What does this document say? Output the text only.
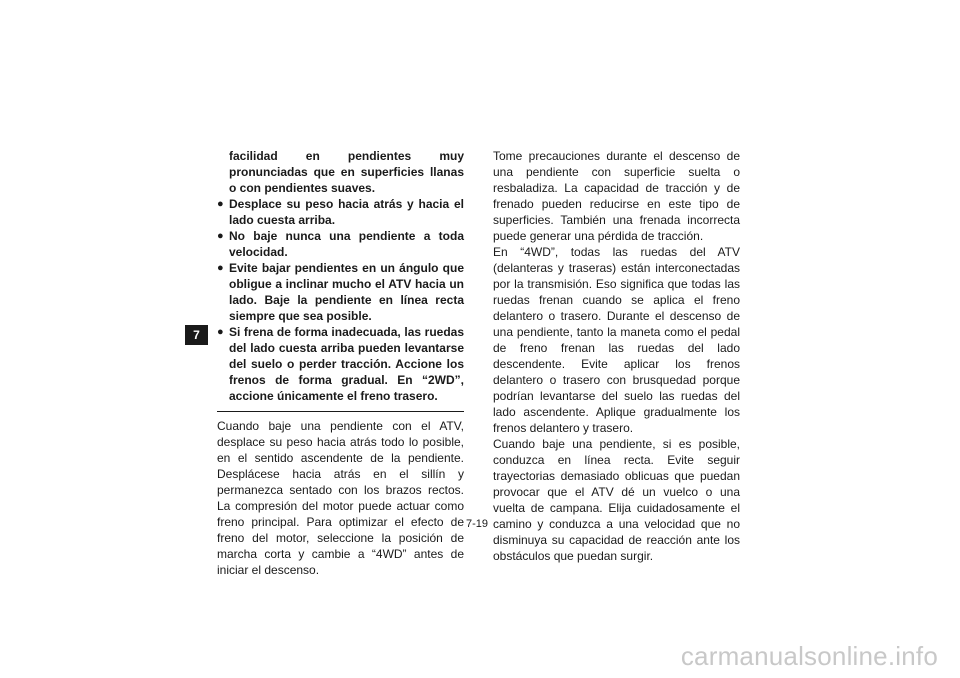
7
facilidad en pendientes muy pronunciadas que en superficies llanas o con pendientes suaves.
● Desplace su peso hacia atrás y hacia el lado cuesta arriba.
● No baje nunca una pendiente a toda velocidad.
● Evite bajar pendientes en un ángulo que obligue a inclinar mucho el ATV hacia un lado. Baje la pendiente en línea recta siempre que sea posible.
● Si frena de forma inadecuada, las ruedas del lado cuesta arriba pueden levantarse del suelo o perder tracción. Accione los frenos de forma gradual. En “2WD”, accione únicamente el freno trasero.

Cuando baje una pendiente con el ATV, desplace su peso hacia atrás todo lo posible, en el sentido ascendente de la pendiente. Desplácese hacia atrás en el sillín y permanezca sentado con los brazos rectos. La compresión del motor puede actuar como freno principal. Para optimizar el efecto de freno del motor, seleccione la posición de marcha corta y cambie a “4WD” antes de iniciar el descenso.

Tome precauciones durante el descenso de una pendiente con superficie suelta o resbaladiza. La capacidad de tracción y de frenado pueden reducirse en este tipo de superficies. También una frenada incorrecta puede generar una pérdida de tracción.

En “4WD”, todas las ruedas del ATV (delanteras y traseras) están interconectadas por la transmisión. Eso significa que todas las ruedas frenan cuando se aplica el freno delantero o trasero. Durante el descenso de una pendiente, tanto la maneta como el pedal de freno frenan las ruedas del lado descendente. Evite aplicar los frenos delantero o trasero con brusquedad porque podrían levantarse del suelo las ruedas del lado ascendente. Aplique gradualmente los frenos delantero y trasero.

Cuando baje una pendiente, si es posible, conduzca en línea recta. Evite seguir trayectorias demasiado oblicuas que puedan provocar que el ATV dé un vuelco o una vuelta de campana. Elija cuidadosamente el camino y conduzca a una velocidad que no disminuya su capacidad de reacción ante los obstáculos que puedan surgir.

7-19
carmanualsonline.info
